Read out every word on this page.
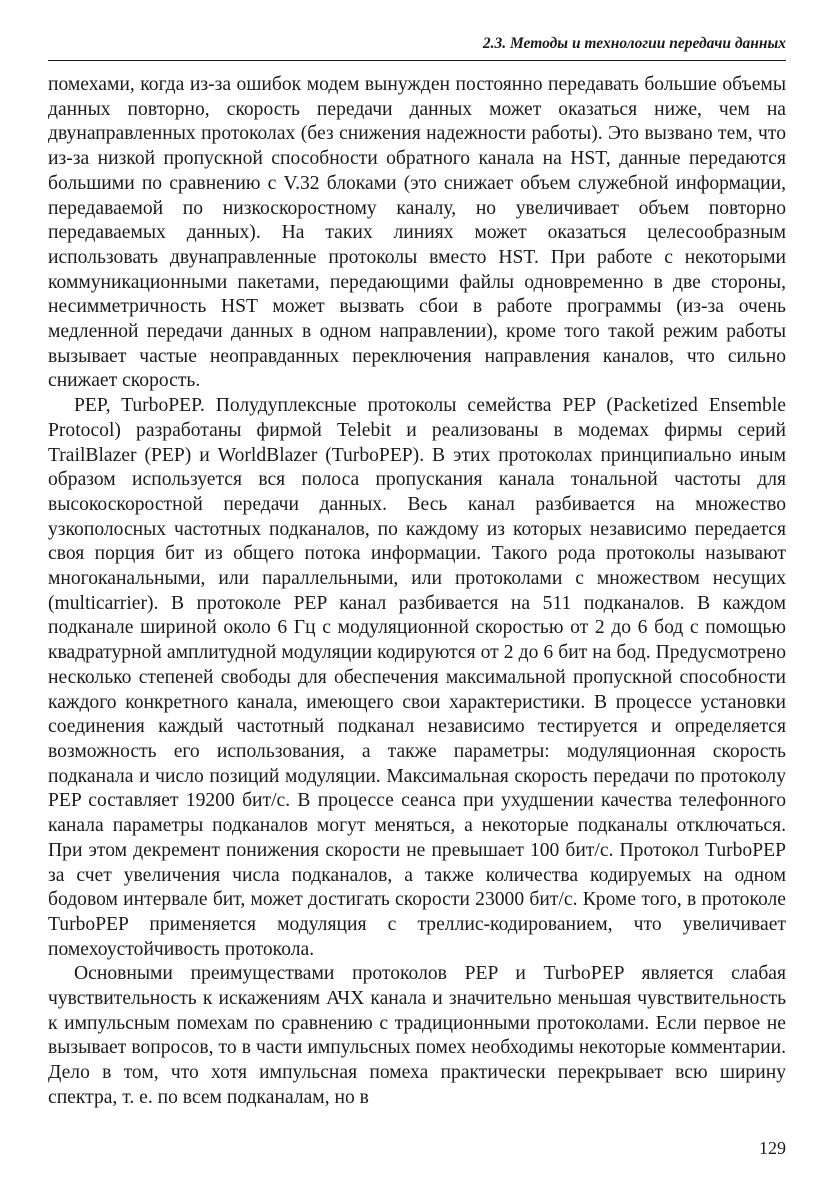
2.3. Методы и технологии передачи данных

помехами, когда из-за ошибок модем вынужден постоянно передавать большие объемы данных повторно, скорость передачи данных может оказаться ниже, чем на двунаправленных протоколах (без снижения надежности работы). Это вызвано тем, что из-за низкой пропускной способности обратного канала на HST, данные передаются большими по сравнению с V.32 блоками (это снижает объем служебной информации, передаваемой по низкоскоростному каналу, но увеличивает объем повторно передаваемых данных). На таких линиях может оказаться целесообразным использовать двунаправленные протоколы вместо HST. При работе с некоторыми коммуникационными пакетами, передающими файлы одновременно в две стороны, несимметричность HST может вызвать сбои в работе программы (из-за очень медленной передачи данных в одном направлении), кроме того такой режим работы вызывает частые неоправданных переключения направления каналов, что сильно снижает скорость.

PEP, TurboPEP. Полудуплексные протоколы семейства PEP (Packetized Ensemble Protocol) разработаны фирмой Telebit и реализованы в модемах фирмы серий TrailBlazer (PEP) и WorldBlazer (TurboPEP). В этих протоколах принципиально иным образом используется вся полоса пропускания канала тональной частоты для высокоскоростной передачи данных. Весь канал разбивается на множество узкополосных частотных подканалов, по каждому из которых независимо передается своя порция бит из общего потока информации. Такого рода протоколы называют многоканальными, или параллельными, или протоколами с множеством несущих (multicarrier). В протоколе PEP канал разбивается на 511 подканалов. В каждом подканале шириной около 6 Гц с модуляционной скоростью от 2 до 6 бод с помощью квадратурной амплитудной модуляции кодируются от 2 до 6 бит на бод. Предусмотрено несколько степеней свободы для обеспечения максимальной пропускной способности каждого конкретного канала, имеющего свои характеристики. В процессе установки соединения каждый частотный подканал независимо тестируется и определяется возможность его использования, а также параметры: модуляционная скорость подканала и число позиций модуляции. Максимальная скорость передачи по протоколу PEP составляет 19200 бит/с. В процессе сеанса при ухудшении качества телефонного канала параметры подканалов могут меняться, а некоторые подканалы отключаться. При этом декремент понижения скорости не превышает 100 бит/с. Протокол TurboPEP за счет увеличения числа подканалов, а также количества кодируемых на одном бодовом интервале бит, может достигать скорости 23000 бит/с. Кроме того, в протоколе TurboPEP применяется модуляция с треллис-кодированием, что увеличивает помехоустойчивость протокола.

Основными преимуществами протоколов PEP и TurboPEP является слабая чувствительность к искажениям АЧХ канала и значительно меньшая чувствительность к импульсным помехам по сравнению с традиционными протоколами. Если первое не вызывает вопросов, то в части импульсных помех необходимы некоторые комментарии. Дело в том, что хотя импульсная помеха практически перекрывает всю ширину спектра, т. е. по всем подканалам, но в

129
